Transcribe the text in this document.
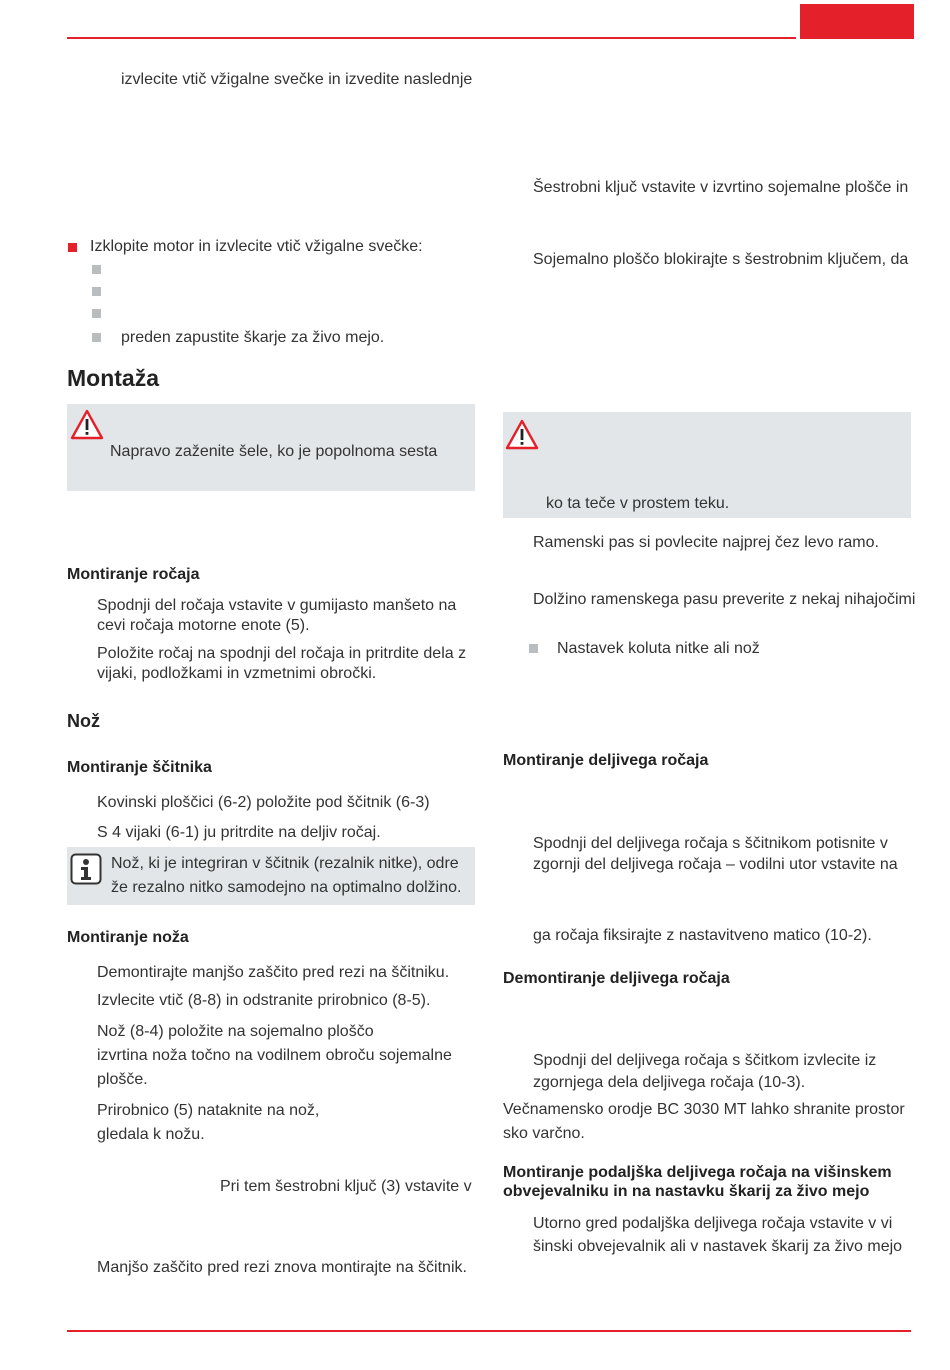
izvlecite vtič vžigalne svečke in izvedite naslednje
Izklopite motor in izvlecite vtič vžigalne svečke:
preden zapustite škarje za živo mejo.
Montaža
Napravo zaženite šele, ko je popolnoma sesta
Montiranje ročaja
Spodnji del ročaja vstavite v gumijasto manšeto na
cevi ročaja motorne enote (5).
Položite ročaj na spodnji del ročaja in pritrdite dela z
vijaki, podložkami in vzmetnimi obročki.
Nož
Montiranje ščitnika
Kovinski ploščici (6-2) položite pod ščitnik (6-3)
S 4 vijaki (6-1) ju pritrdite na deljiv ročaj.
Nož, ki je integriran v ščitnik (rezalnik nitke), odre
že rezalno nitko samodejno na optimalno dolžino.
Montiranje noža
Demontirajte manjšo zaščito pred rezi na ščitniku.
Izvlecite vtič (8-8) in odstranite prirobnico (8-5).
Nož (8-4) položite na sojemalno ploščo
izvrtina noža točno na vodilnem obroču sojemalne
plošče.
Prirobnico (5) nataknite na nož,
gledala k nožu.
Pri tem šestrobni ključ (3) vstavite v
Manjšo zaščito pred rezi znova montirajte na ščitnik.
Šestrobni ključ vstavite v izvrtino sojemalne plošče in
Sojemalno ploščo blokirajte s šestrobnim ključem, da
ko ta teče v prostem teku.
Ramenski pas si povlecite najprej čez levo ramo.
Dolžino ramenskega pasu preverite z nekaj nihajočimi
Nastavek koluta nitke ali nož
Montiranje deljivega ročaja
Spodnji del deljivega ročaja s ščitnikom potisnite v
zgornji del deljivega ročaja – vodilni utor vstavite na
ga ročaja fiksirajte z nastavitveno matico (10-2).
Demontiranje deljivega ročaja
Spodnji del deljivega ročaja s ščitkom izvlecite iz
zgornjega dela deljivega ročaja (10-3).
Večnamensko orodje BC 3030 MT lahko shranite prostor
sko varčno.
Montiranje podaljška deljivega ročaja na višinskem
obvejevalniku in na nastavku škarij za živo mejo
Utorno gred podaljška deljivega ročaja vstavite v vi
šinski obvejevalnik ali v nastavek škarij za živo mejo
